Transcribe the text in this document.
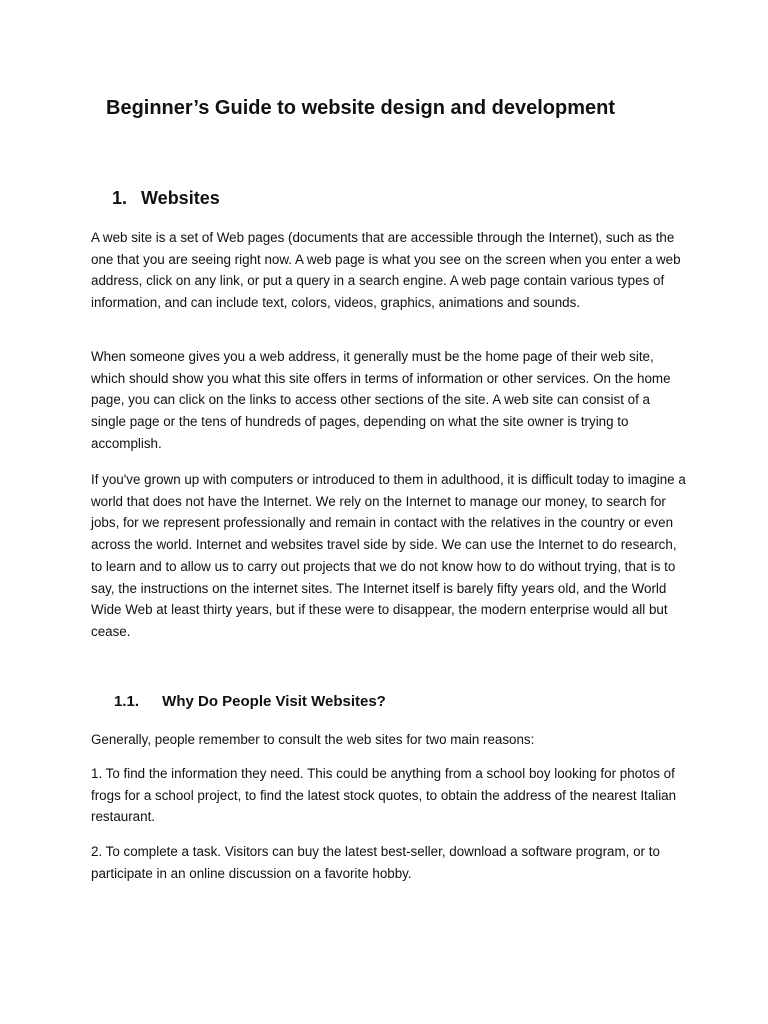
Beginner’s Guide to website design and development
1. Websites

A web site is a set of Web pages (documents that are accessible through the Internet), such as the one that you are seeing right now. A web page is what you see on the screen when you enter a web address, click on any link, or put a query in a search engine. A web page contain various types of information, and can include text, colors, videos, graphics, animations and sounds.

When someone gives you a web address, it generally must be the home page of their web site, which should show you what this site offers in terms of information or other services. On the home page, you can click on the links to access other sections of the site. A web site can consist of a single page or the tens of hundreds of pages, depending on what the site owner is trying to accomplish.

If you've grown up with computers or introduced to them in adulthood, it is difficult today to imagine a world that does not have the Internet. We rely on the Internet to manage our money, to search for jobs, for we represent professionally and remain in contact with the relatives in the country or even across the world. Internet and websites travel side by side. We can use the Internet to do research, to learn and to allow us to carry out projects that we do not know how to do without trying, that is to say, the instructions on the internet sites. The Internet itself is barely fifty years old, and the World Wide Web at least thirty years, but if these were to disappear, the modern enterprise would all but cease.

1.1. Why Do People Visit Websites?

Generally, people remember to consult the web sites for two main reasons:

1. To find the information they need. This could be anything from a school boy looking for photos of frogs for a school project, to find the latest stock quotes, to obtain the address of the nearest Italian restaurant.

2. To complete a task. Visitors can buy the latest best-seller, download a software program, or to participate in an online discussion on a favorite hobby.
